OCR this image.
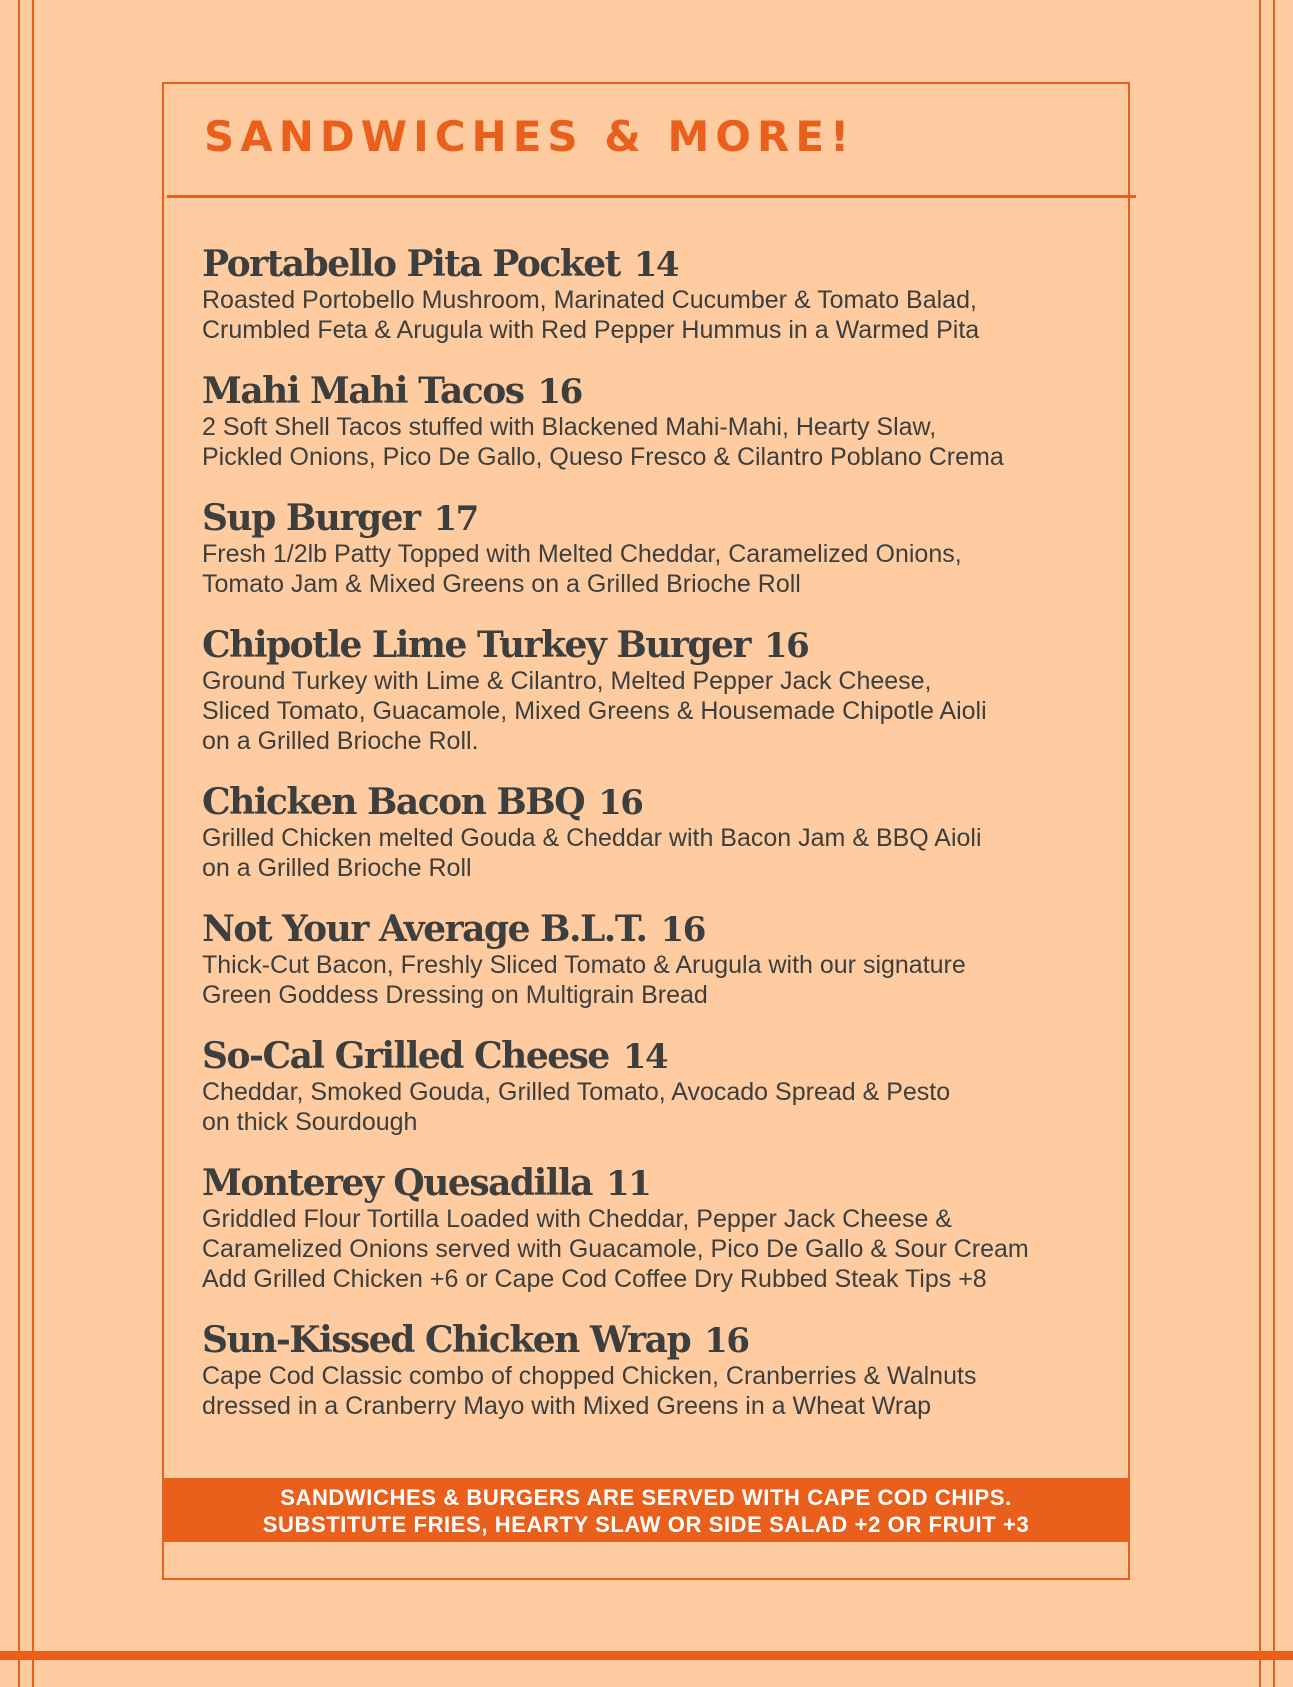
SANDWICHES & MORE!
Portabello Pita Pocket 14
Roasted Portobello Mushroom, Marinated Cucumber & Tomato Balad,
Crumbled Feta & Arugula with Red Pepper Hummus in a Warmed Pita
Mahi Mahi Tacos 16
2 Soft Shell Tacos stuffed with Blackened Mahi-Mahi, Hearty Slaw,
Pickled Onions, Pico De Gallo, Queso Fresco & Cilantro Poblano Crema
Sup Burger 17
Fresh 1/2lb Patty Topped with Melted Cheddar, Caramelized Onions,
Tomato Jam & Mixed Greens on a Grilled Brioche Roll
Chipotle Lime Turkey Burger 16
Ground Turkey with Lime & Cilantro, Melted Pepper Jack Cheese,
Sliced Tomato, Guacamole, Mixed Greens & Housemade Chipotle Aioli
on a Grilled Brioche Roll.
Chicken Bacon BBQ 16
Grilled Chicken melted Gouda & Cheddar with Bacon Jam & BBQ Aioli
on a Grilled Brioche Roll
Not Your Average B.L.T. 16
Thick-Cut Bacon, Freshly Sliced Tomato & Arugula with our signature
Green Goddess Dressing on Multigrain Bread
So-Cal Grilled Cheese 14
Cheddar, Smoked Gouda, Grilled Tomato, Avocado Spread & Pesto
on thick Sourdough
Monterey Quesadilla 11
Griddled Flour Tortilla Loaded with Cheddar, Pepper Jack Cheese &
Caramelized Onions served with Guacamole, Pico De Gallo & Sour Cream
Add Grilled Chicken +6 or Cape Cod Coffee Dry Rubbed Steak Tips +8
Sun-Kissed Chicken Wrap 16
Cape Cod Classic combo of chopped Chicken, Cranberries & Walnuts
dressed in a Cranberry Mayo with Mixed Greens in a Wheat Wrap
SANDWICHES & BURGERS ARE SERVED WITH CAPE COD CHIPS.
SUBSTITUTE FRIES, HEARTY SLAW OR SIDE SALAD +2 OR FRUIT +3
